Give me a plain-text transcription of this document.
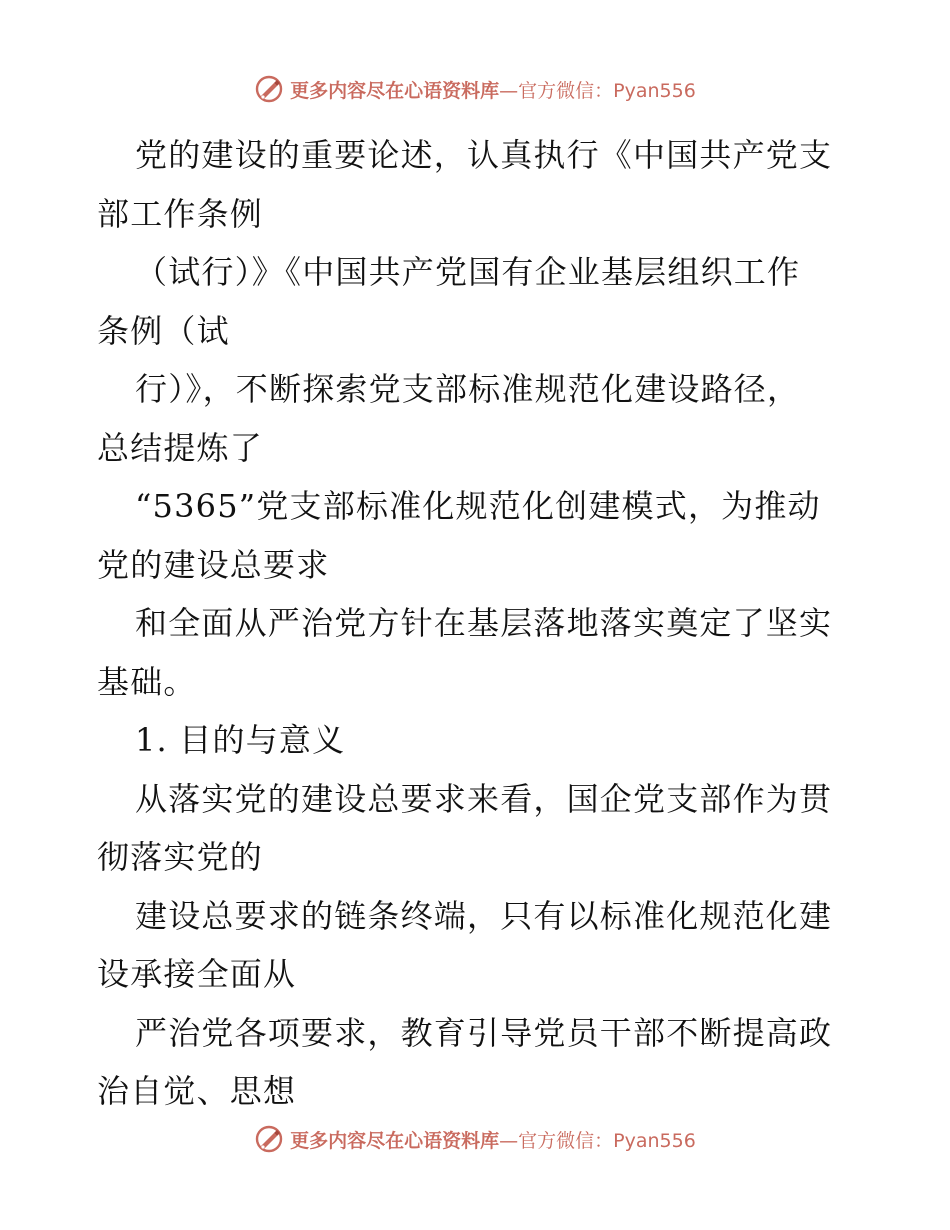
更多内容尽在心语资料库 —官方微信：Pyan556
党的建设的重要论述，认真执行《中国共产党支
部工作条例
（试行）》《中国共产党国有企业基层组织工作
条例（试
行）》，不断探索党支部标准规范化建设路径，
总结提炼了
“5365”党支部标准化规范化创建模式，为推动
党的建设总要求
和全面从严治党方针在基层落地落实奠定了坚实
基础。
1. 目的与意义
从落实党的建设总要求来看，国企党支部作为贯
彻落实党的
建设总要求的链条终端，只有以标准化规范化建
设承接全面从
严治党各项要求，教育引导党员干部不断提高政
治自觉、思想
更多内容尽在心语资料库 —官方微信：Pyan556
